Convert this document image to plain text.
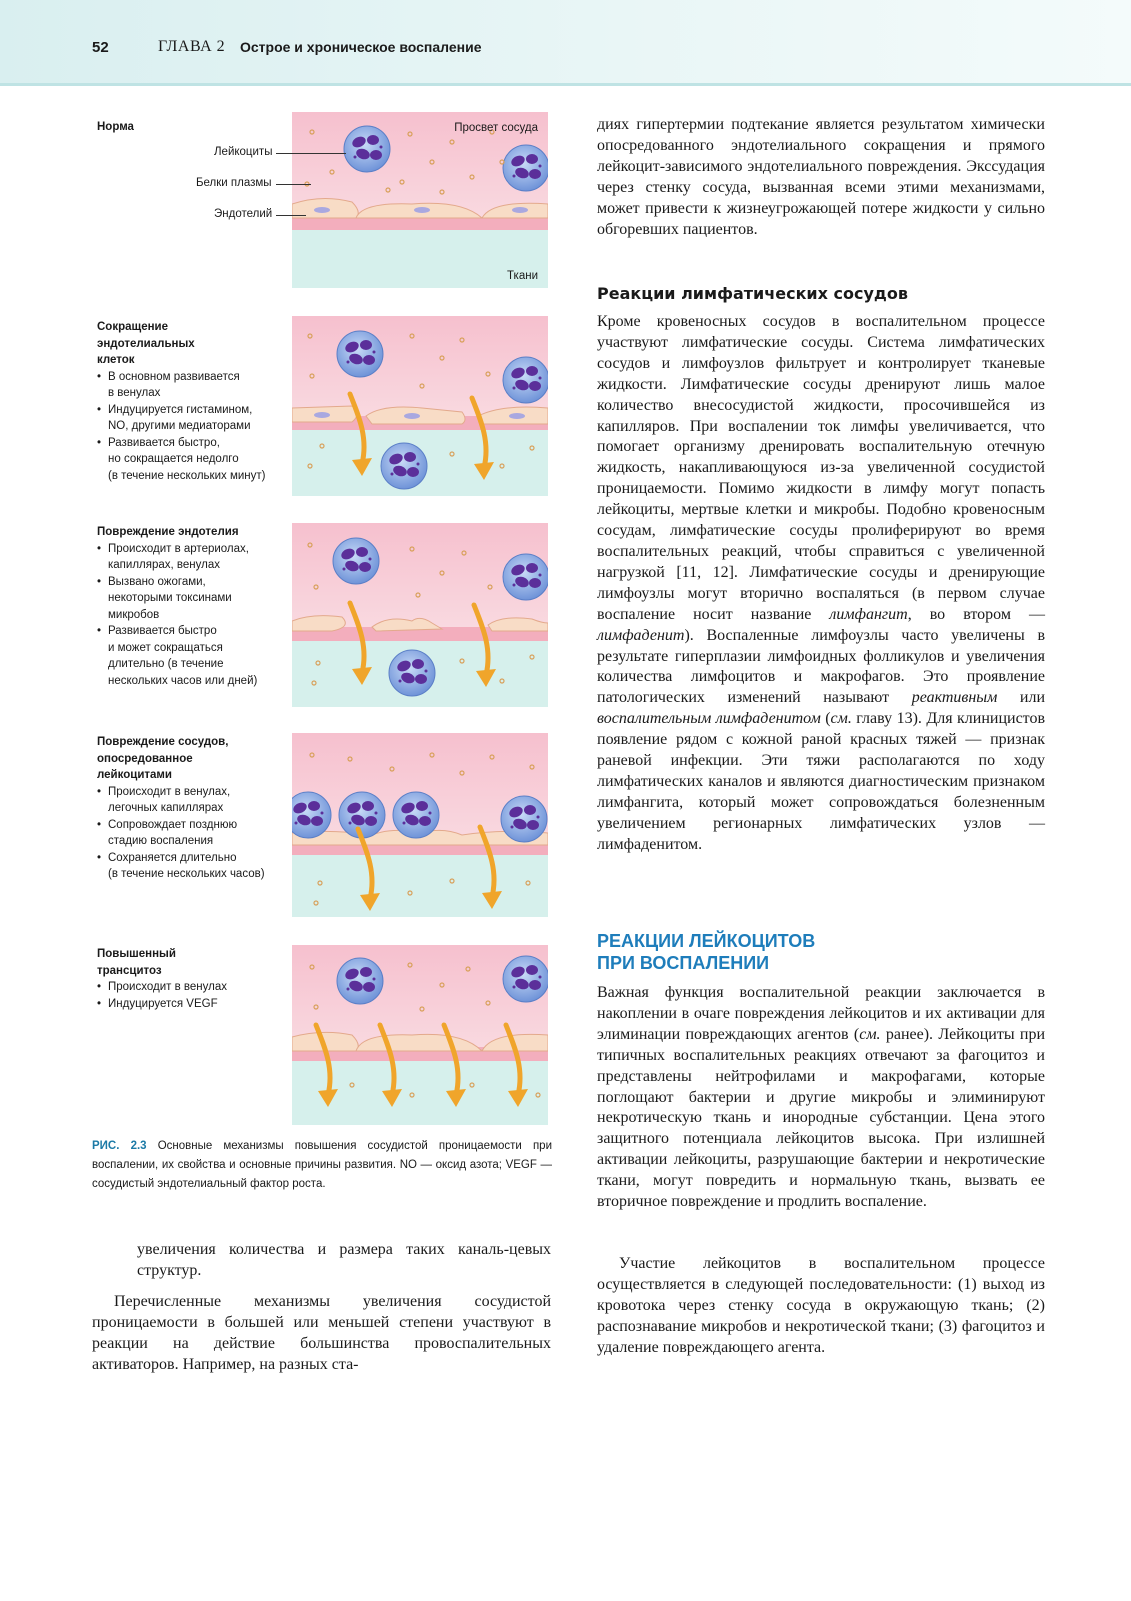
52	ГЛАВА 2 Острое и хроническое воспаление
Норма	Просвет сосуда
Ткани
Лейкоциты
Белки плазмы
Эндотелий
Сокращение
эндотелиальных
клеток
• В основном развивается
в венулах
• Индуцируется гистамином,
NO, другими медиаторами
• Развивается быстро,
но сокращается недолго
(в течение нескольких минут)
Повреждение эндотелия
• Происходит в артериолах,
капиллярах, венулах
• Вызвано ожогами,
некоторыми токсинами
микробов
• Развивается быстро
и может сокращаться
длительно (в течение
нескольких часов или дней)
Повреждение сосудов,
опосредованное
лейкоцитами
• Происходит в венулах,
легочных капиллярах
• Сопровождает позднюю
стадию воспаления
• Сохраняется длительно
(в течение нескольких часов)
Повышенный
трансцитоз
• Происходит в венулах
• Индуцируется VEGF
РИС. 2.3 Основные механизмы повышения сосудистой проницаемости при воспалении, их свойства и основные причины развития. NO — оксид азота; VEGF — сосудистый эндотелиальный фактор роста.

увеличения количества и размера таких каналь-цевых структур.

Перечисленные механизмы увеличения сосудистой проницаемости в большей или меньшей степени участвуют в реакции на действие большинства провоспалительных активаторов. Например, на разных ста-

диях гипертермии подтекание является результатом химически опосредованного эндотелиального сокращения и прямого лейкоцит-зависимого эндотелиального повреждения. Экссудация через стенку сосуда, вызванная всеми этими механизмами, может привести к жизнеугрожающей потере жидкости у сильно обгоревших пациентов.

Реакции лимфатических сосудов

Кроме кровеносных сосудов в воспалительном процессе участвуют лимфатические сосуды. Система лимфатических сосудов и лимфоузлов фильтрует и контролирует тканевые жидкости. Лимфатические сосуды дренируют лишь малое количество внесосудистой жидкости, просочившейся из капилляров. При воспалении ток лимфы увеличивается, что помогает организму дренировать воспалительную отечную жидкость, накапливающуюся из-за увеличенной сосудистой проницаемости. Помимо жидкости в лимфу могут попасть лейкоциты, мертвые клетки и микробы. Подобно кровеносным сосудам, лимфатические сосуды пролиферируют во время воспалительных реакций, чтобы справиться с увеличенной нагрузкой [11, 12]. Лимфатические сосуды и дренирующие лимфоузлы могут вторично воспаляться (в первом случае воспаление носит название лимфангит, во втором — лимфаденит). Воспаленные лимфоузлы часто увеличены в результате гиперплазии лимфоидных фолликулов и увеличения количества лимфоцитов и макрофагов. Это проявление патологических изменений называют реактивным или воспалительным лимфаденитом (см. главу 13). Для клиницистов появление рядом с кожной раной красных тяжей — признак раневой инфекции. Эти тяжи располагаются по ходу лимфатических каналов и являются диагностическим признаком лимфангита, который может сопровождаться болезненным увеличением регионарных лимфатических узлов — лимфаденитом.

РЕАКЦИИ ЛЕЙКОЦИТОВ
ПРИ ВОСПАЛЕНИИ

Важная функция воспалительной реакции заключается в накоплении в очаге повреждения лейкоцитов и их активации для элиминации повреждающих агентов (см. ранее). Лейкоциты при типичных воспалительных реакциях отвечают за фагоцитоз и представлены нейтрофилами и макрофагами, которые поглощают бактерии и другие микробы и элиминируют некротическую ткань и инородные субстанции. Цена этого защитного потенциала лейкоцитов высока. При излишней активации лейкоциты, разрушающие бактерии и некротические ткани, могут повредить и нормальную ткань, вызвать ее вторичное повреждение и продлить воспаление.

Участие лейкоцитов в воспалительном процессе осуществляется в следующей последовательности: (1) выход из кровотока через стенку сосуда в окружающую ткань; (2) распознавание микробов и некротической ткани; (3) фагоцитоз и удаление повреждающего агента.
